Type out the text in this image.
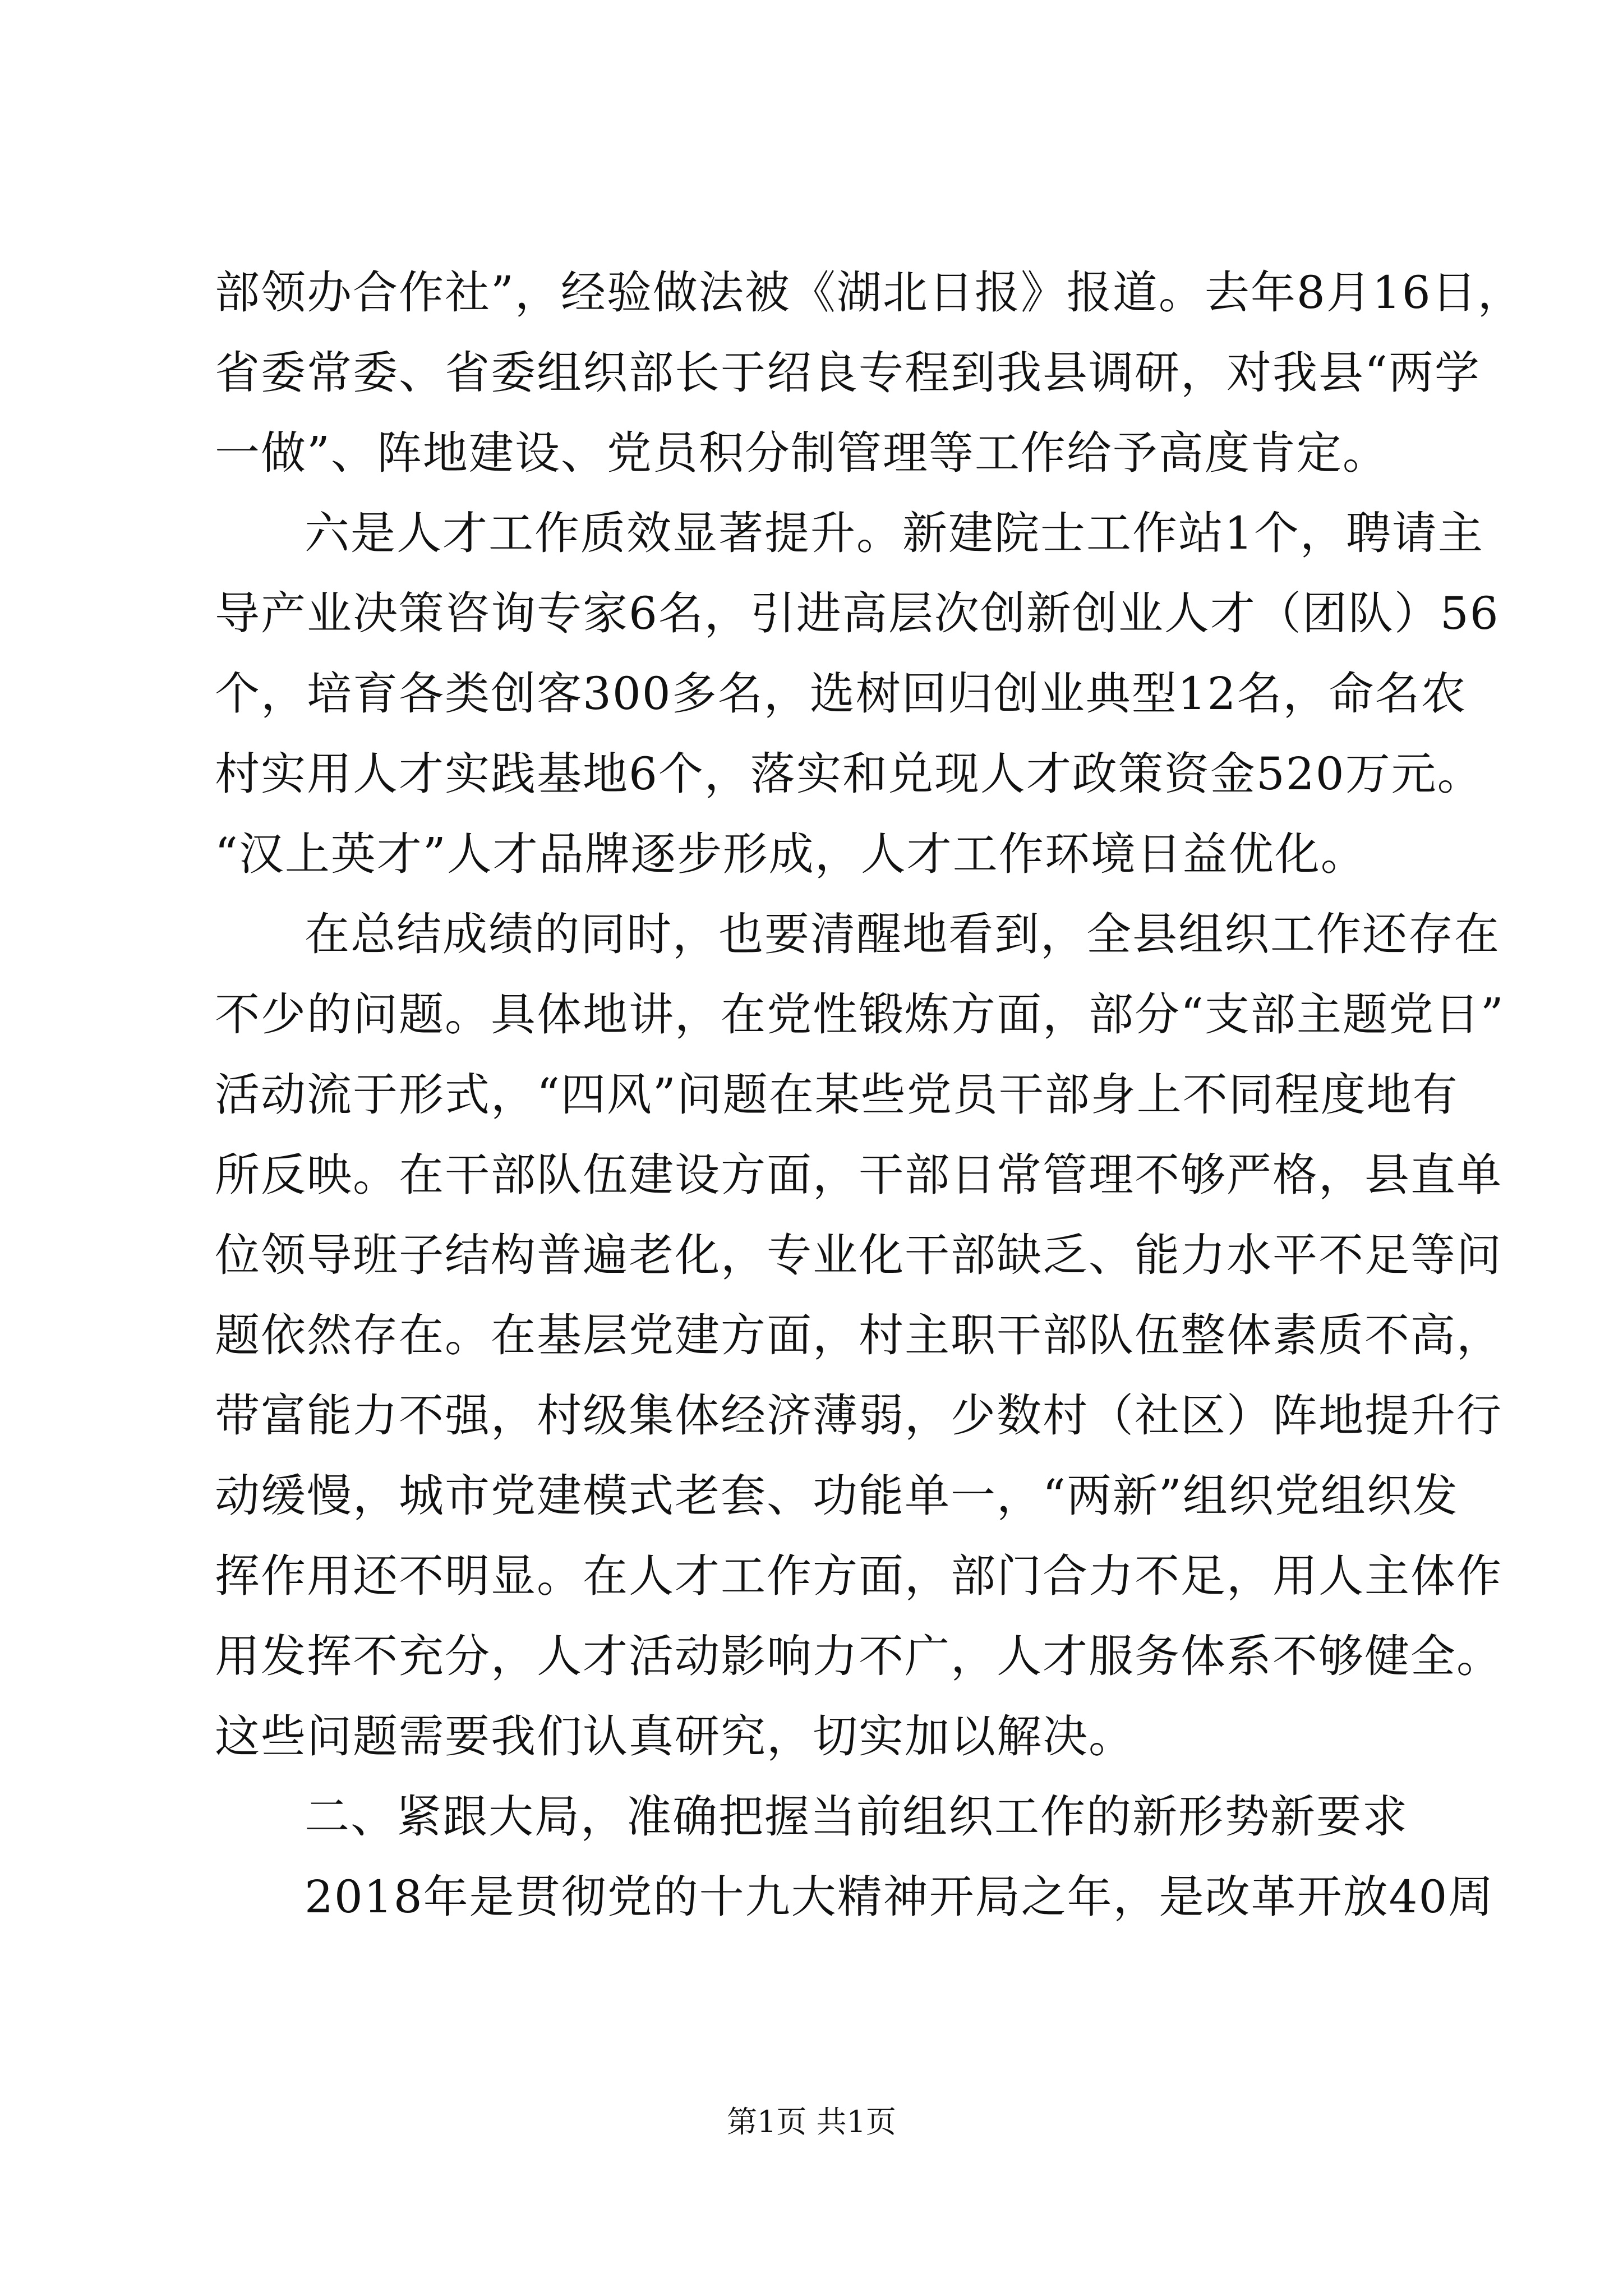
部领办合作社”，经验做法被《湖北日报》报道。去年8月16日，
省委常委、省委组织部长于绍良专程到我县调研，对我县“两学
一做”、阵地建设、党员积分制管理等工作给予高度肯定。
六是人才工作质效显著提升。新建院士工作站1个，聘请主
导产业决策咨询专家6名，引进高层次创新创业人才（团队）56
个，培育各类创客300多名，选树回归创业典型12名，命名农
村实用人才实践基地6个，落实和兑现人才政策资金520万元。
“汉上英才”人才品牌逐步形成，人才工作环境日益优化。
在总结成绩的同时，也要清醒地看到，全县组织工作还存在
不少的问题。具体地讲，在党性锻炼方面，部分“支部主题党日”
活动流于形式，“四风”问题在某些党员干部身上不同程度地有
所反映。在干部队伍建设方面，干部日常管理不够严格，县直单
位领导班子结构普遍老化，专业化干部缺乏、能力水平不足等问
题依然存在。在基层党建方面，村主职干部队伍整体素质不高，
带富能力不强，村级集体经济薄弱，少数村（社区）阵地提升行
动缓慢，城市党建模式老套、功能单一，“两新”组织党组织发
挥作用还不明显。在人才工作方面，部门合力不足，用人主体作
用发挥不充分，人才活动影响力不广，人才服务体系不够健全。
这些问题需要我们认真研究，切实加以解决。
二、紧跟大局，准确把握当前组织工作的新形势新要求
2018年是贯彻党的十九大精神开局之年，是改革开放40周
第1页 共1页
